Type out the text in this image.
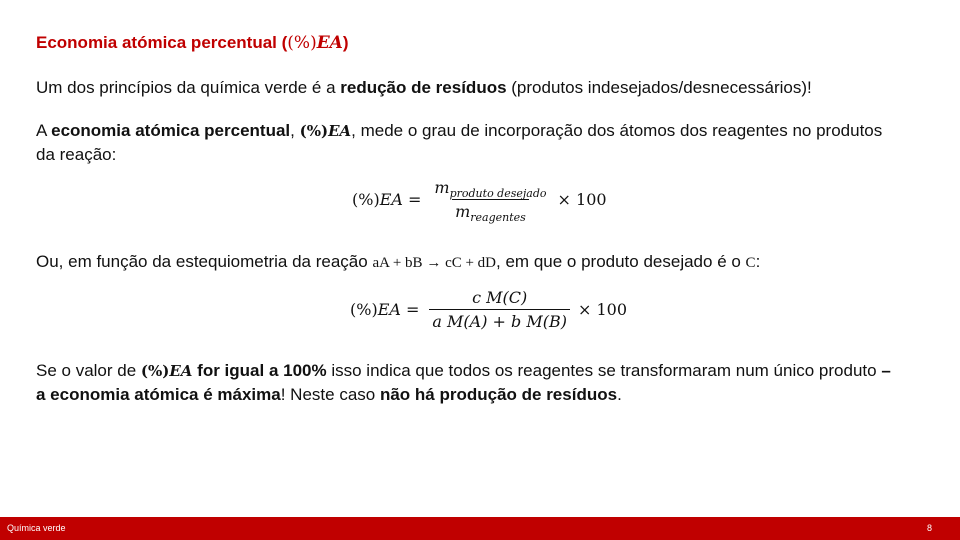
Economia atómica percentual ((%)EA)

Um dos princípios da química verde é a redução de resíduos (produtos indesejados/desnecessários)!

A economia atómica percentual, (%)EA, mede o grau de incorporação dos átomos dos reagentes no produtos da reação:

$(\%)EA = \frac{m_{produto desejado}}{m_{reagentes}} \times 100$

Ou, em função da estequiometria da reação aA + bB → cC + dD, em que o produto desejado é o C:

$(\%)EA = \frac{\text{c M(C)}}{\text{a M(A) + b M(B)}} \times 100$

Se o valor de (%)EA for igual a 100% isso indica que todos os reagentes se transformaram num único produto – a economia atómica é máxima! Neste caso não há produção de resíduos.

Química verde	8
